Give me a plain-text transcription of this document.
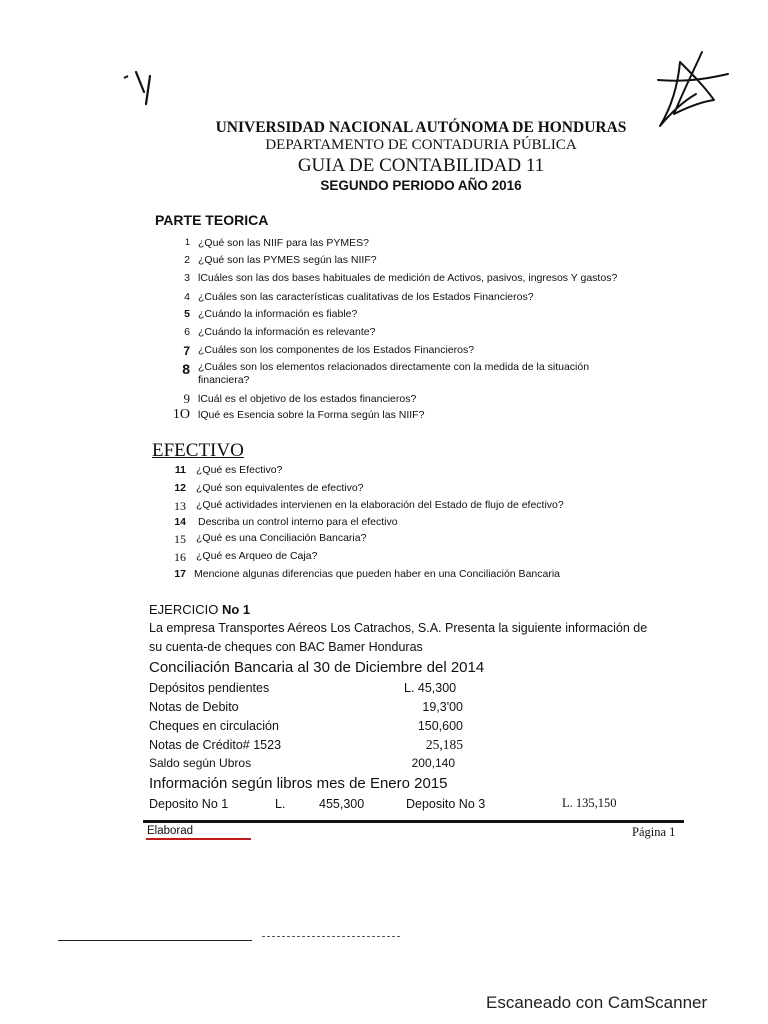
UNIVERSIDAD NACIONAL AUTÓNOMA DE HONDURAS
DEPARTAMENTO DE CONTADURIA PÚBLICA
GUIA DE CONTABILIDAD 11
SEGUNDO PERIODO AÑO 2016
PARTE TEORICA
1 ¿Qué son las NIIF para las PYMES?
2 ¿Qué son las PYMES según las NIIF?
3 lCuáles son las dos bases habituales de medición de Activos, pasivos, ingresos Y gastos?
4 ¿Cuáles son las características cualitativas de los Estados Financieros?
5 ¿Cuándo la información es fiable?
6 ¿Cuándo la información es relevante?
7 ¿Cuáles son los componentes de los Estados Financieros?
8 ¿Cuáles son los elementos relacionados directamente con la medida de la situación
financiera?
9 lCuál es el objetivo de los estados financieros?
1O lQué es Esencia sobre la Forma según las NIIF?
EFECTIVO
11 ¿Qué es Efectivo?
12 ¿Qué son equivalentes de efectivo?
13 ¿Qué actividades intervienen en la elaboración del Estado de flujo de efectivo?
14 Describa un control interno para el efectivo
15 ¿Qué es una Conciliación Bancaria?
16 ¿Qué es Arqueo de Caja?
17 Mencione algunas diferencias que pueden haber en una Conciliación Bancaria
EJERCICIO No 1
La empresa Transportes Aéreos Los Catrachos, S.A. Presenta la siguiente información de
su cuenta-de cheques con BAC Bamer Honduras
Conciliación Bancaria al 30 de Diciembre del 2014
Depósitos pendientes	L. 45,300
Notas de Debito	19,3'00
Cheques en circulación	150,600
Notas de Crédito# 1523	25,185
Saldo según Ubros	200,140
Información según libros mes de Enero 2015
Deposito No 1	L.	455,300	Deposito No 3	L. 135,150
Elaborad	Página 1
Escaneado con CamScanner
